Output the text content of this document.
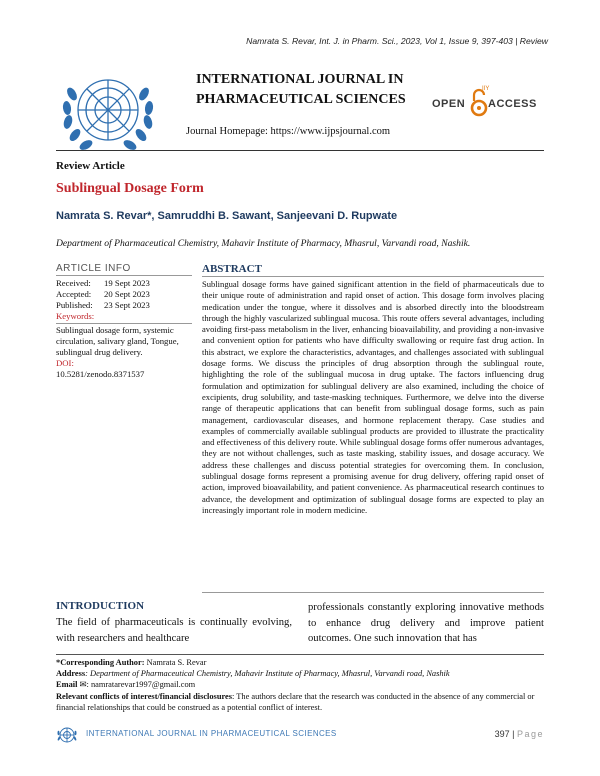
Namrata S. Revar, Int. J. in Pharm. Sci., 2023, Vol 1, Issue 9, 397-403 | Review
INTERNATIONAL JOURNAL IN PHARMACEUTICAL SCIENCES
Journal Homepage: https://www.ijpsjournal.com
OPEN
IIY
ACCESS
Review Article
Sublingual Dosage Form
Namrata S. Revar*, Samruddhi B. Sawant, Sanjeevani D. Rupwate
Department of Pharmaceutical Chemistry, Mahavir Institute of Pharmacy, Mhasrul, Varvandi road, Nashik.
ARTICLE INFO
Received:	19 Sept 2023
Accepted:	20 Sept 2023
Published:	23 Sept 2023
Keywords:
Sublingual dosage form, systemic circulation, salivary gland, Tongue, sublingual drug delivery.
DOI:
10.5281/zenodo.8371537
ABSTRACT
Sublingual dosage forms have gained significant attention in the field of pharmaceuticals due to their unique route of administration and rapid onset of action. This dosage form involves placing medication under the tongue, where it dissolves and is absorbed directly into the bloodstream through the highly vascularized sublingual mucosa. This route offers several advantages, including avoiding first-pass metabolism in the liver, enhancing bioavailability, and providing a non-invasive and convenient option for patients who have difficulty swallowing or require fast drug action. In this abstract, we explore the characteristics, advantages, and challenges associated with sublingual dosage forms. We discuss the principles of drug absorption through the sublingual route, highlighting the role of the sublingual mucosa in drug uptake. The factors influencing drug formulation and optimization for sublingual delivery are also examined, including the choice of excipients, drug solubility, and taste-masking techniques. Furthermore, we delve into the diverse range of therapeutic applications that can benefit from sublingual dosage forms, such as pain management, cardiovascular diseases, and hormone replacement therapy. Case studies and examples of commercially available sublingual products are provided to illustrate the practicality and effectiveness of this delivery route. While sublingual dosage forms offer numerous advantages, they are not without challenges, such as taste masking, stability issues, and dosage accuracy. We address these challenges and discuss potential strategies for overcoming them. In conclusion, sublingual dosage forms represent a promising avenue for drug delivery, offering rapid onset of action, improved bioavailability, and patient convenience. As pharmaceutical research continues to advance, the development and optimization of sublingual dosage forms are expected to play an increasingly important role in modern medicine.
INTRODUCTION
The field of pharmaceuticals is continually evolving, with researchers and healthcare
professionals constantly exploring innovative methods to enhance drug delivery and improve patient outcomes. One such innovation that has
*Corresponding Author: Namrata S. Revar
Address: Department of Pharmaceutical Chemistry, Mahavir Institute of Pharmacy, Mhasrul, Varvandi road, Nashik
Email ✉: namratarevar1997@gmail.com
Relevant conflicts of interest/financial disclosures: The authors declare that the research was conducted in the absence of any commercial or financial relationships that could be construed as a potential conflict of interest.
INTERNATIONAL JOURNAL IN PHARMACEUTICAL SCIENCES	397 | Page
